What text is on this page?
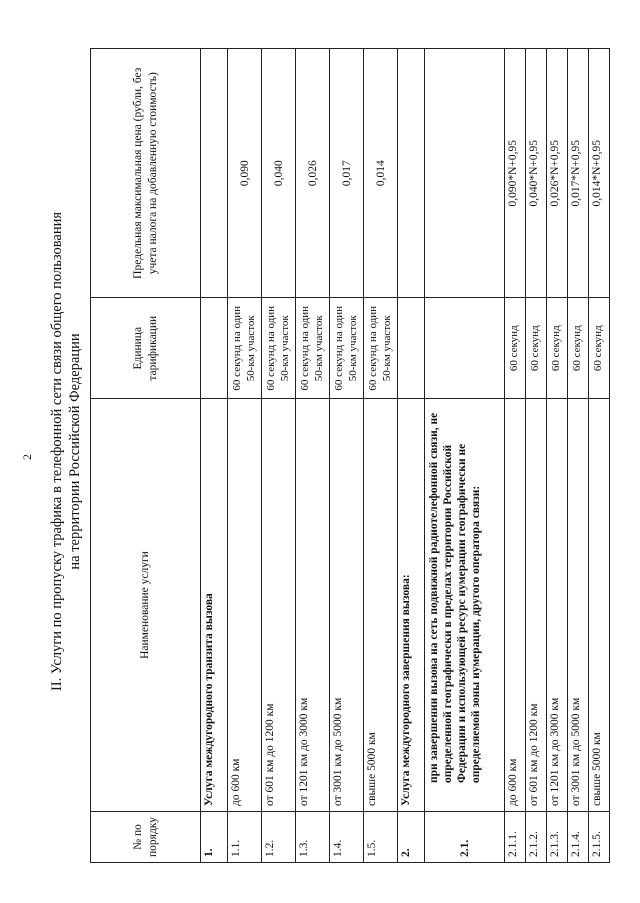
2 II. Услуги по пропуску трафика в телефонной сети связи общего пользования на территории Российской Федерации
№ по порядку	Наименование услуги	Единица тарификации	Предельная максимальная цена (рубли, без учета налога на добавленную стоимость)
1.	Услуга междугородного транзита вызова		
1.1.	до 600 км	60 секунд на один 50-км участок	0,090
1.2.	от 601 км до 1200 км	60 секунд на один 50-км участок	0,040
1.3.	от 1201 км до 3000 км	60 секунд на один 50-км участок	0,026
1.4.	от 3001 км до 5000 км	60 секунд на один 50-км участок	0,017
1.5.	свыше 5000 км	60 секунд на один 50-км участок	0,014
2.	Услуга междугородного завершения вызова:		
2.1.	при завершении вызова на сеть подвижной радиотелефонной связи, не определенной географически в пределах территории Российской Федерации и использующей ресурс нумерации географически не определяемой зоны нумерации, другого оператора связи:		
2.1.1.	до 600 км	60 секунд	0,090*N+0,95
2.1.2.	от 601 км до 1200 км	60 секунд	0,040*N+0,95
2.1.3.	от 1201 км до 3000 км	60 секунд	0,026*N+0,95
2.1.4.	от 3001 км до 5000 км	60 секунд	0,017*N+0,95
2.1.5.	свыше 5000 км	60 секунд	0,014*N+0,95
